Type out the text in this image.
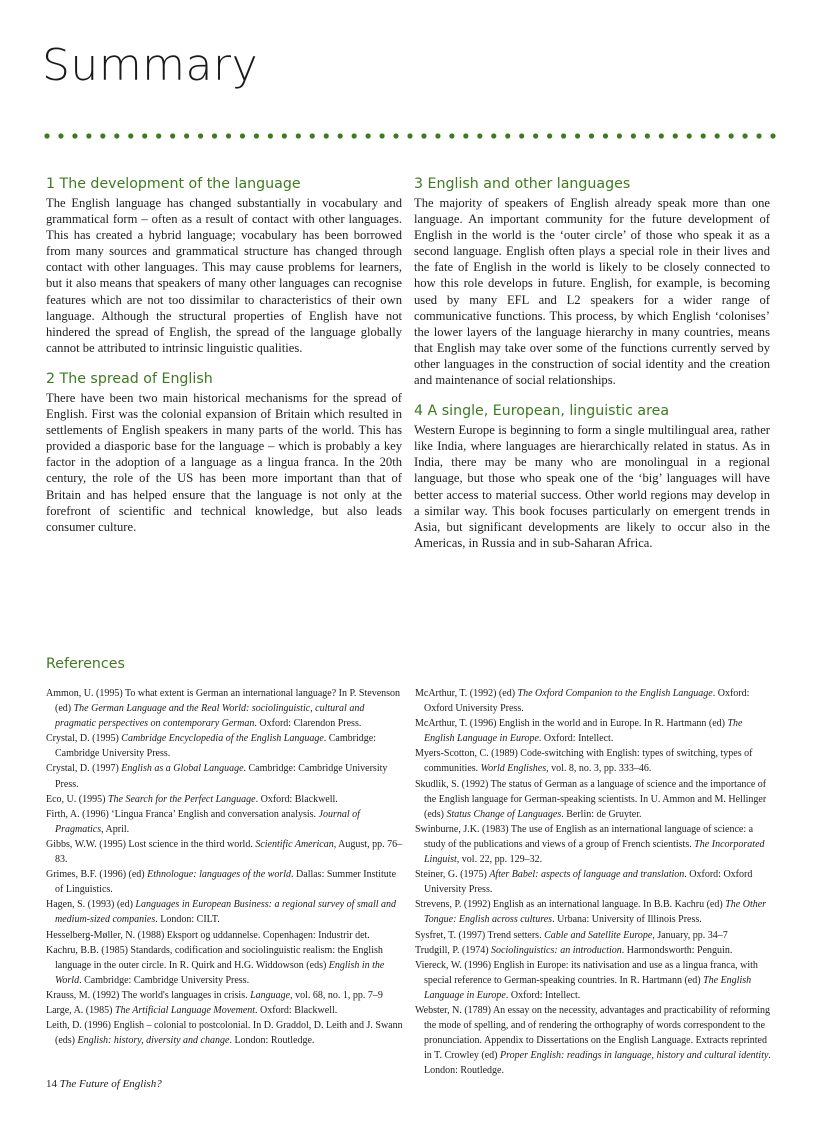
Summary
1 The development of the language

The English language has changed substantially in vocabulary and grammatical form – often as a result of contact with other languages. This has created a hybrid language; vocabulary has been borrowed from many sources and grammatical structure has changed through contact with other languages. This may cause problems for learners, but it also means that speakers of many other languages can recognise features which are not too dissimilar to characteristics of their own language. Although the structural properties of English have not hindered the spread of English, the spread of the language globally cannot be attributed to intrinsic linguistic qualities.

2 The spread of English

There have been two main historical mechanisms for the spread of English. First was the colonial expansion of Britain which resulted in settlements of English speakers in many parts of the world. This has provided a diasporic base for the language – which is probably a key factor in the adoption of a language as a lingua franca. In the 20th century, the role of the US has been more important than that of Britain and has helped ensure that the language is not only at the forefront of scientific and technical knowledge, but also leads consumer culture.

3 English and other languages

The majority of speakers of English already speak more than one language. An important community for the future development of English in the world is the ‘outer circle’ of those who speak it as a second language. English often plays a special role in their lives and the fate of English in the world is likely to be closely connected to how this role develops in future. English, for example, is becoming used by many EFL and L2 speakers for a wider range of communicative functions. This process, by which English ‘colonises’ the lower layers of the language hierarchy in many countries, means that English may take over some of the functions currently served by other languages in the construction of social identity and the creation and maintenance of social relationships.

4 A single, European, linguistic area

Western Europe is beginning to form a single multilingual area, rather like India, where languages are hierarchically related in status. As in India, there may be many who are monolingual in a regional language, but those who speak one of the ‘big’ languages will have better access to material success. Other world regions may develop in a similar way. This book focuses particularly on emergent trends in Asia, but significant developments are likely to occur also in the Americas, in Russia and in sub-Saharan Africa.

References

Ammon, U. (1995) To what extent is German an international language? In P. Stevenson (ed) The German Language and the Real World: sociolinguistic, cultural and pragmatic perspectives on contemporary German. Oxford: Clarendon Press.

Crystal, D. (1995) Cambridge Encyclopedia of the English Language. Cambridge: Cambridge University Press.

Crystal, D. (1997) English as a Global Language. Cambridge: Cambridge University Press.

Eco, U. (1995) The Search for the Perfect Language. Oxford: Blackwell.

Firth, A. (1996) ‘Lingua Franca’ English and conversation analysis. Journal of Pragmatics, April.

Gibbs, W.W. (1995) Lost science in the third world. Scientific American, August, pp. 76–83.

Grimes, B.F. (1996) (ed) Ethnologue: languages of the world. Dallas: Summer Institute of Linguistics.

Hagen, S. (1993) (ed) Languages in European Business: a regional survey of small and medium-sized companies. London: CILT.

Hesselberg-Møller, N. (1988) Eksport og uddannelse. Copenhagen: Industrir det.

Kachru, B.B. (1985) Standards, codification and sociolinguistic realism: the English language in the outer circle. In R. Quirk and H.G. Widdowson (eds) English in the World. Cambridge: Cambridge University Press.

Krauss, M. (1992) The world's languages in crisis. Language, vol. 68, no. 1, pp. 7–9

Large, A. (1985) The Artificial Language Movement. Oxford: Blackwell.

Leith, D. (1996) English – colonial to postcolonial. In D. Graddol, D. Leith and J. Swann (eds) English: history, diversity and change. London: Routledge.

McArthur, T. (1992) (ed) The Oxford Companion to the English Language. Oxford: Oxford University Press.

McArthur, T. (1996) English in the world and in Europe. In R. Hartmann (ed) The English Language in Europe. Oxford: Intellect.

Myers-Scotton, C. (1989) Code-switching with English: types of switching, types of communities. World Englishes, vol. 8, no. 3, pp. 333–46.

Skudlik, S. (1992) The status of German as a language of science and the importance of the English language for German-speaking scientists. In U. Ammon and M. Hellinger (eds) Status Change of Languages. Berlin: de Gruyter.

Swinburne, J.K. (1983) The use of English as an international language of science: a study of the publications and views of a group of French scientists. The Incorporated Linguist, vol. 22, pp. 129–32.

Steiner, G. (1975) After Babel: aspects of language and translation. Oxford: Oxford University Press.

Strevens, P. (1992) English as an international language. In B.B. Kachru (ed) The Other Tongue: English across cultures. Urbana: University of Illinois Press.

Sysfret, T. (1997) Trend setters. Cable and Satellite Europe, January, pp. 34–7

Trudgill, P. (1974) Sociolinguistics: an introduction. Harmondsworth: Penguin.

Viereck, W. (1996) English in Europe: its nativisation and use as a lingua franca, with special reference to German-speaking countries. In R. Hartmann (ed) The English Language in Europe. Oxford: Intellect.

Webster, N. (1789) An essay on the necessity, advantages and practicability of reforming the mode of spelling, and of rendering the orthography of words correspondent to the pronunciation. Appendix to Dissertations on the English Language. Extracts reprinted in T. Crowley (ed) Proper English: readings in language, history and cultural identity. London: Routledge.

14 The Future of English?
